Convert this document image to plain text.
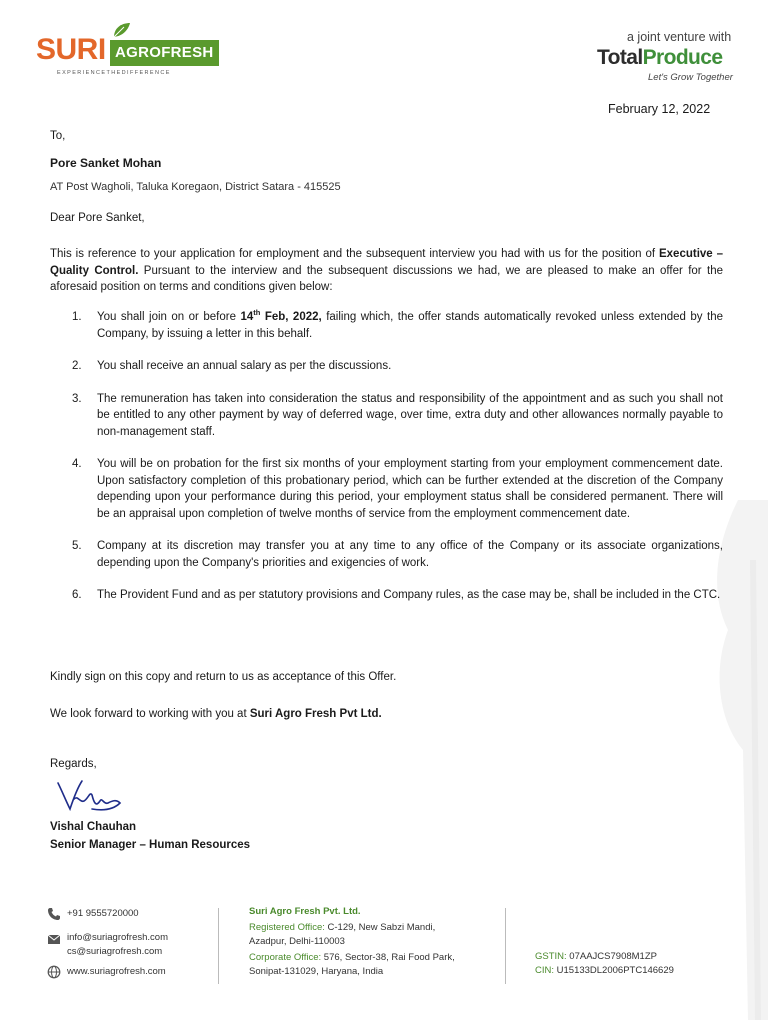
SURI AGROFRESH
EXPERIENCETHEDIFFERENCE
a joint venture with
TotalProduce
Let's Grow Together
February 12, 2022
To,
Pore Sanket Mohan
AT Post Wagholi, Taluka Koregaon, District Satara - 415525
Dear Pore Sanket,
This is reference to your application for employment and the subsequent interview you had with us for the position of Executive – Quality Control. Pursuant to the interview and the subsequent discussions we had, we are pleased to make an offer for the aforesaid position on terms and conditions given below:
1. You shall join on or before 14th Feb, 2022, failing which, the offer stands automatically revoked unless extended by the Company, by issuing a letter in this behalf.
2. You shall receive an annual salary as per the discussions.
3. The remuneration has taken into consideration the status and responsibility of the appointment and as such you shall not be entitled to any other payment by way of deferred wage, over time, extra duty and other allowances normally payable to non-management staff.
4. You will be on probation for the first six months of your employment starting from your employment commencement date. Upon satisfactory completion of this probationary period, which can be further extended at the discretion of the Company depending upon your performance during this period, your employment status shall be considered permanent. There will be an appraisal upon completion of twelve months of service from the employment commencement date.
5. Company at its discretion may transfer you at any time to any office of the Company or its associate organizations, depending upon the Company's priorities and exigencies of work.
6. The Provident Fund and as per statutory provisions and Company rules, as the case may be, shall be included in the CTC.
Kindly sign on this copy and return to us as acceptance of this Offer.
We look forward to working with you at Suri Agro Fresh Pvt Ltd.
Regards,
Vishal Chauhan
Senior Manager – Human Resources
+91 9555720000
info@suriagrofresh.com
cs@suriagrofresh.com
www.suriagrofresh.com
Suri Agro Fresh Pvt. Ltd.
Registered Office: C-129, New Sabzi Mandi,
Azadpur, Delhi-110003
Corporate Office: 576, Sector-38, Rai Food Park,
Sonipat-131029, Haryana, India
GSTIN: 07AAJCS7908M1ZP
CIN: U15133DL2006PTC146629
